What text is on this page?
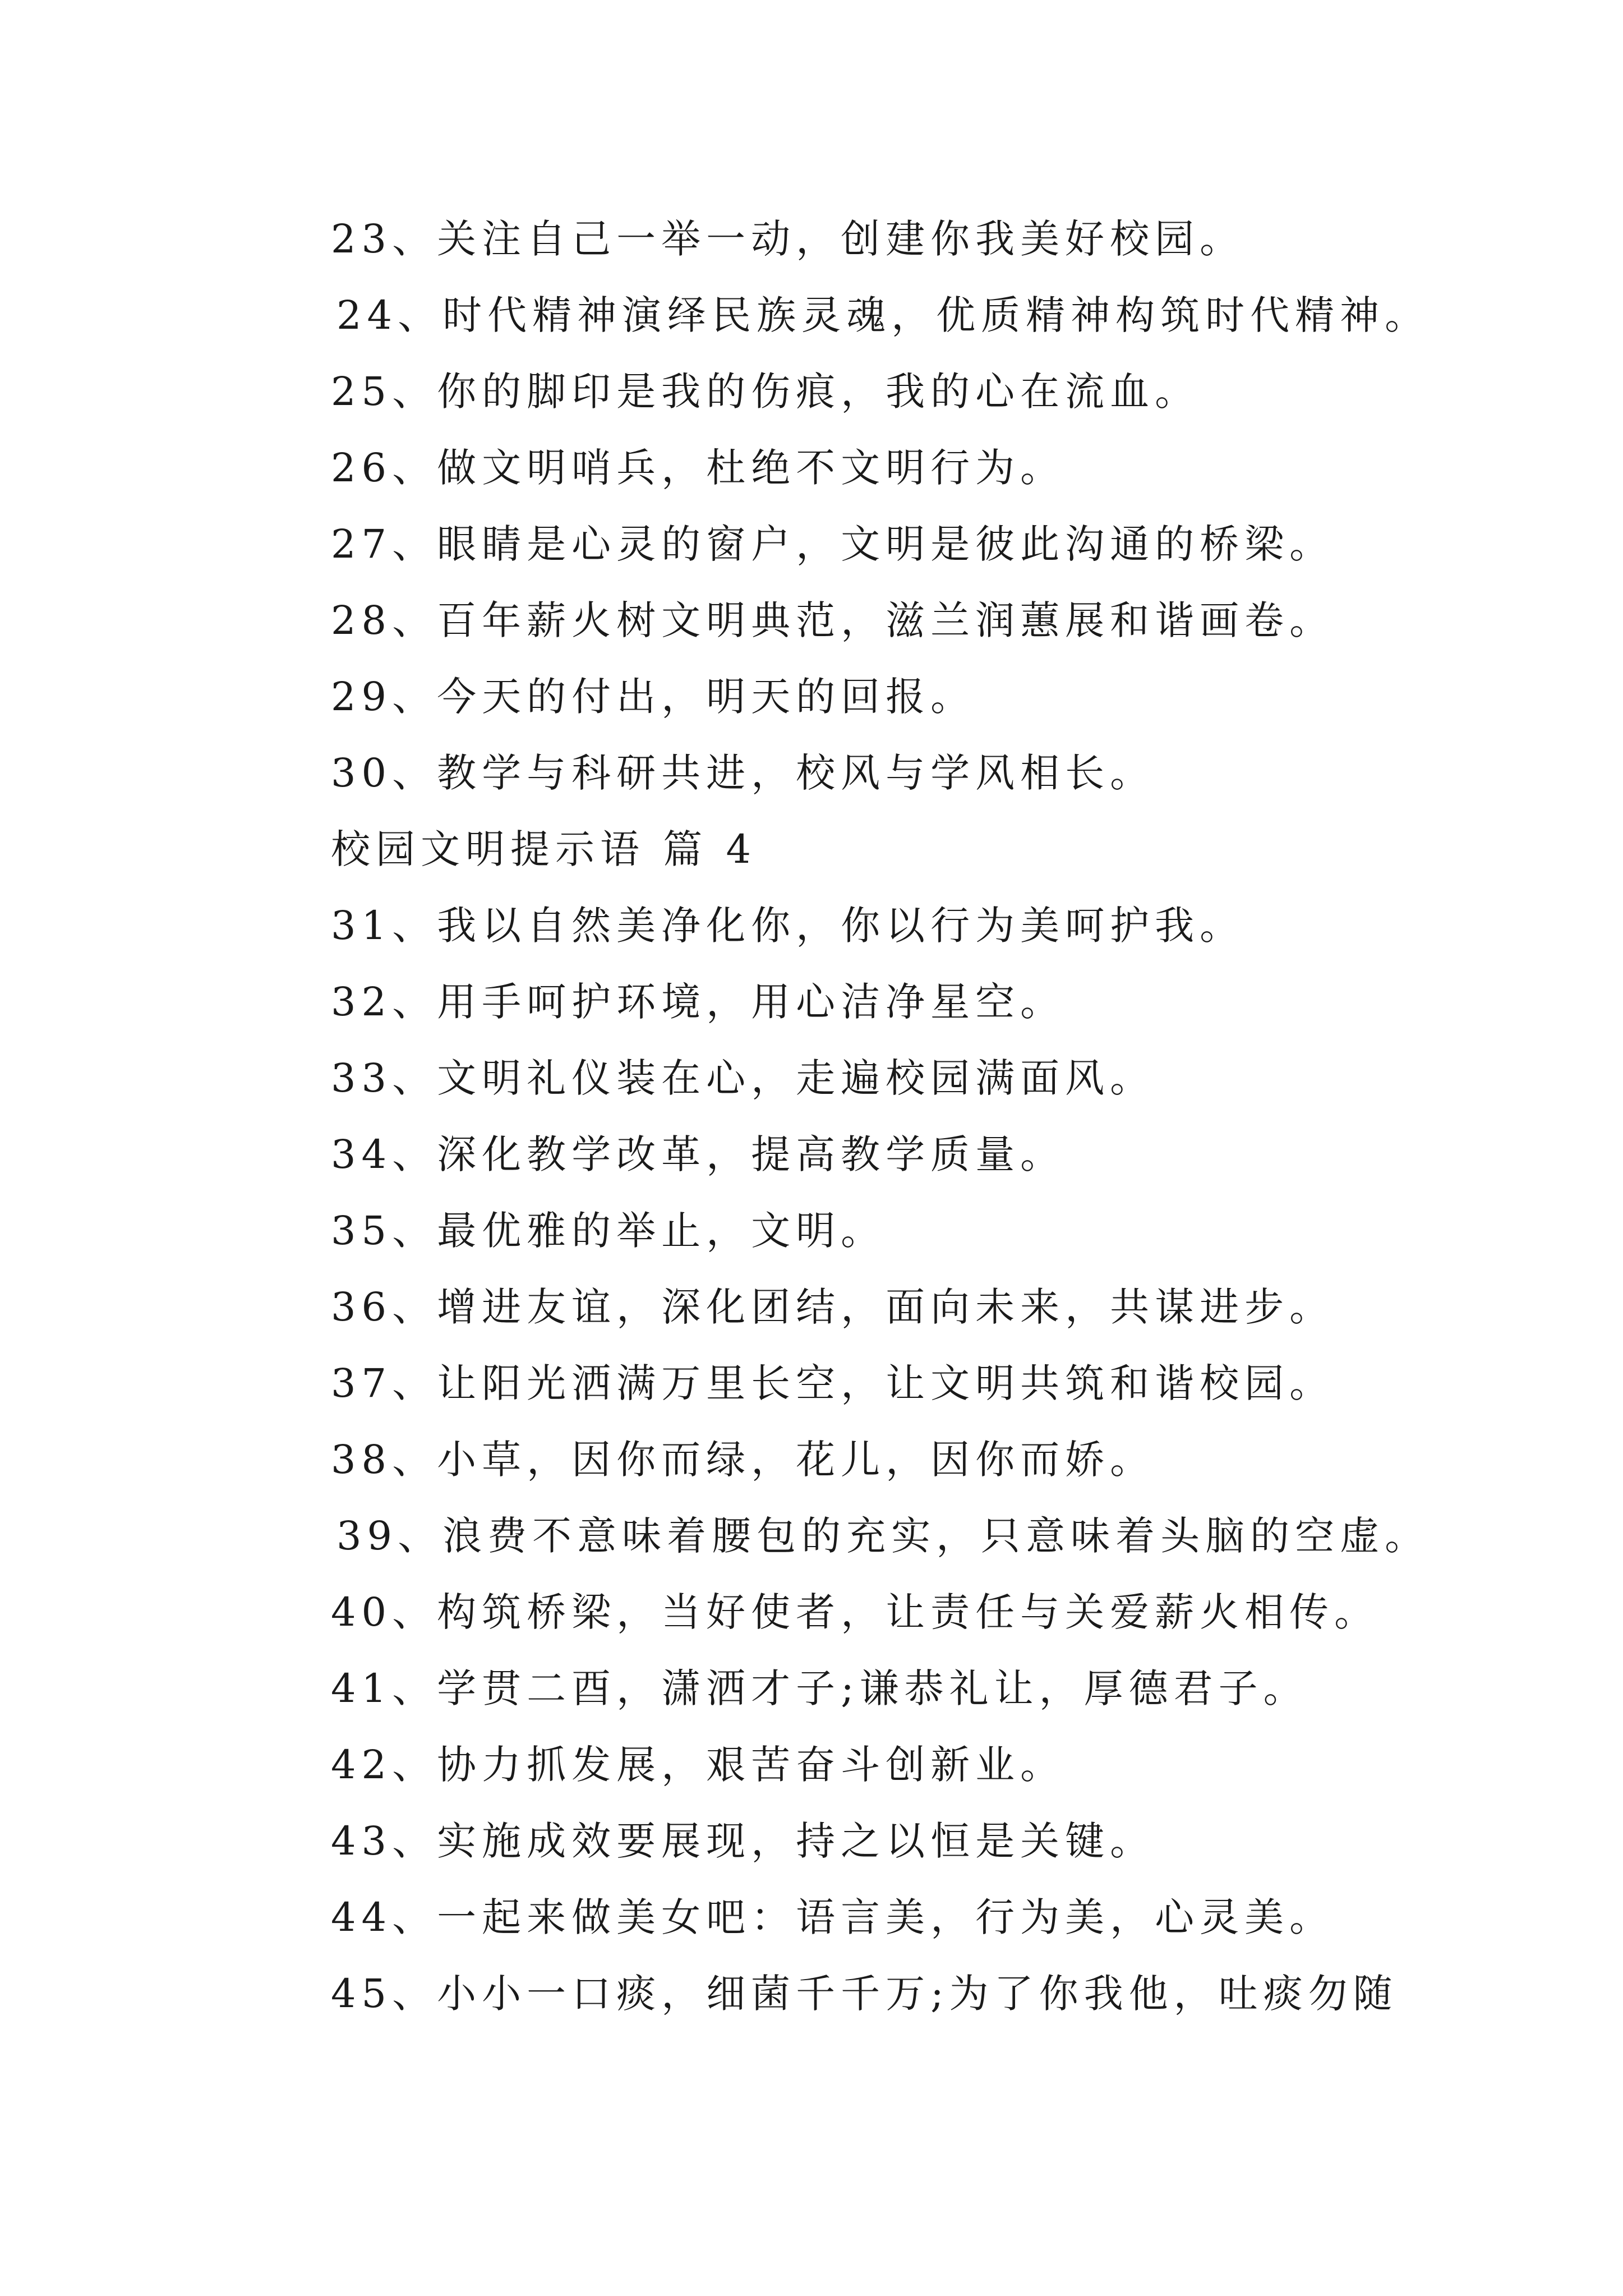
23、关注自己一举一动，创建你我美好校园。
24、时代精神演绎民族灵魂，优质精神构筑时代精神。
25、你的脚印是我的伤痕，我的心在流血。
26、做文明哨兵，杜绝不文明行为。
27、眼睛是心灵的窗户，文明是彼此沟通的桥梁。
28、百年薪火树文明典范，滋兰润蕙展和谐画卷。
29、今天的付出，明天的回报。
30、教学与科研共进，校风与学风相长。
校园文明提示语 篇 4
31、我以自然美净化你，你以行为美呵护我。
32、用手呵护环境，用心洁净星空。
33、文明礼仪装在心，走遍校园满面风。
34、深化教学改革，提高教学质量。
35、最优雅的举止，文明。
36、增进友谊，深化团结，面向未来，共谋进步。
37、让阳光洒满万里长空，让文明共筑和谐校园。
38、小草，因你而绿，花儿，因你而娇。
39、浪费不意味着腰包的充实，只意味着头脑的空虚。
40、构筑桥梁，当好使者，让责任与关爱薪火相传。
41、学贯二酉，潇洒才子;谦恭礼让，厚德君子。
42、协力抓发展，艰苦奋斗创新业。
43、实施成效要展现，持之以恒是关键。
44、一起来做美女吧：语言美，行为美，心灵美。
45、小小一口痰，细菌千千万;为了你我他，吐痰勿随
